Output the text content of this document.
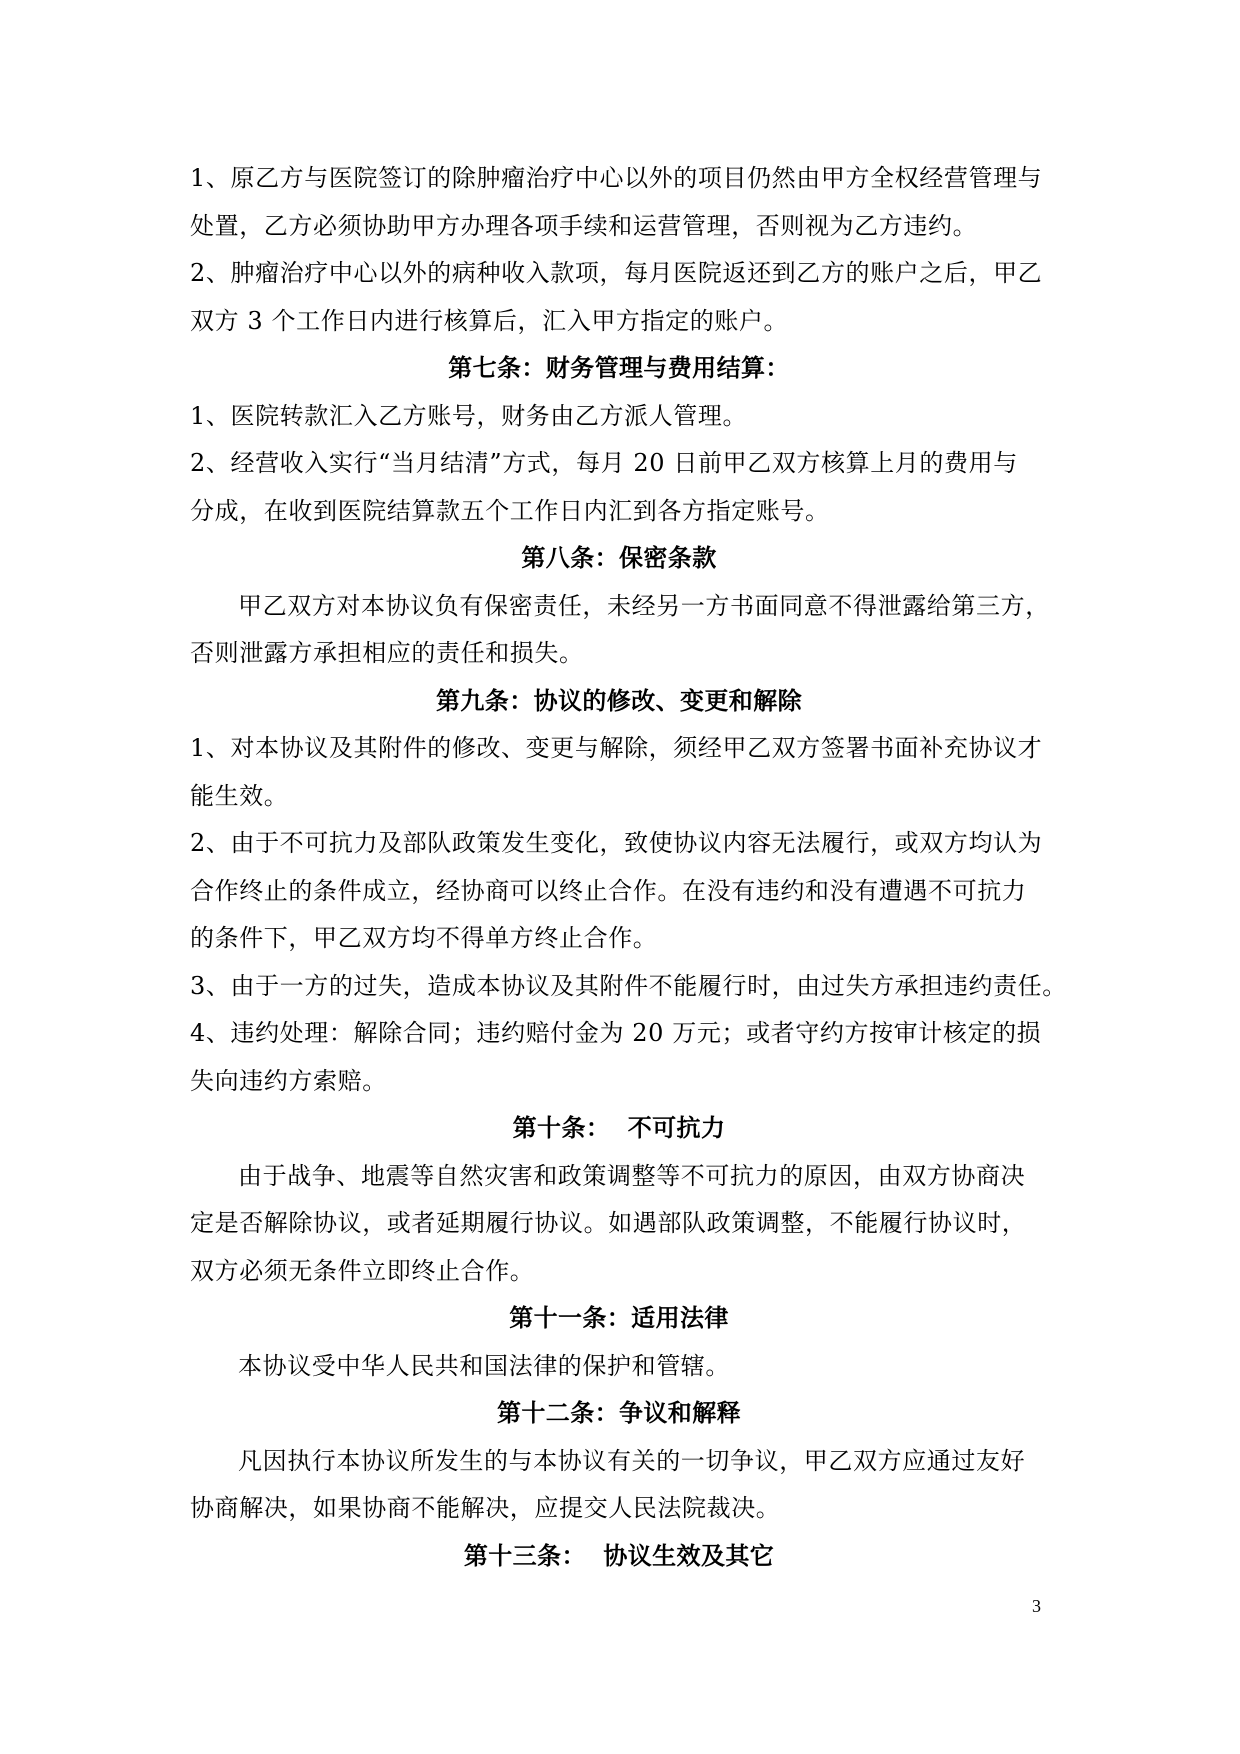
1、原乙方与医院签订的除肿瘤治疗中心以外的项目仍然由甲方全权经营管理与
处置，乙方必须协助甲方办理各项手续和运营管理，否则视为乙方违约。
2、肿瘤治疗中心以外的病种收入款项，每月医院返还到乙方的账户之后，甲乙
双方 3 个工作日内进行核算后，汇入甲方指定的账户。
第七条：财务管理与费用结算：
1、医院转款汇入乙方账号，财务由乙方派人管理。
2、经营收入实行“当月结清”方式，每月 20 日前甲乙双方核算上月的费用与
分成，在收到医院结算款五个工作日内汇到各方指定账号。
第八条：保密条款
甲乙双方对本协议负有保密责任，未经另一方书面同意不得泄露给第三方，
否则泄露方承担相应的责任和损失。
第九条：协议的修改、变更和解除
1、对本协议及其附件的修改、变更与解除，须经甲乙双方签署书面补充协议才
能生效。
2、由于不可抗力及部队政策发生变化，致使协议内容无法履行，或双方均认为
合作终止的条件成立，经协商可以终止合作。在没有违约和没有遭遇不可抗力
的条件下，甲乙双方均不得单方终止合作。
3、由于一方的过失，造成本协议及其附件不能履行时，由过失方承担违约责任。
4、违约处理：解除合同；违约赔付金为 20 万元；或者守约方按审计核定的损
失向违约方索赔。
第十条：  不可抗力
由于战争、地震等自然灾害和政策调整等不可抗力的原因，由双方协商决
定是否解除协议，或者延期履行协议。如遇部队政策调整，不能履行协议时，
双方必须无条件立即终止合作。
第十一条：适用法律
本协议受中华人民共和国法律的保护和管辖。
第十二条：争议和解释
凡因执行本协议所发生的与本协议有关的一切争议，甲乙双方应通过友好
协商解决，如果协商不能解决，应提交人民法院裁决。
第十三条：  协议生效及其它
3
